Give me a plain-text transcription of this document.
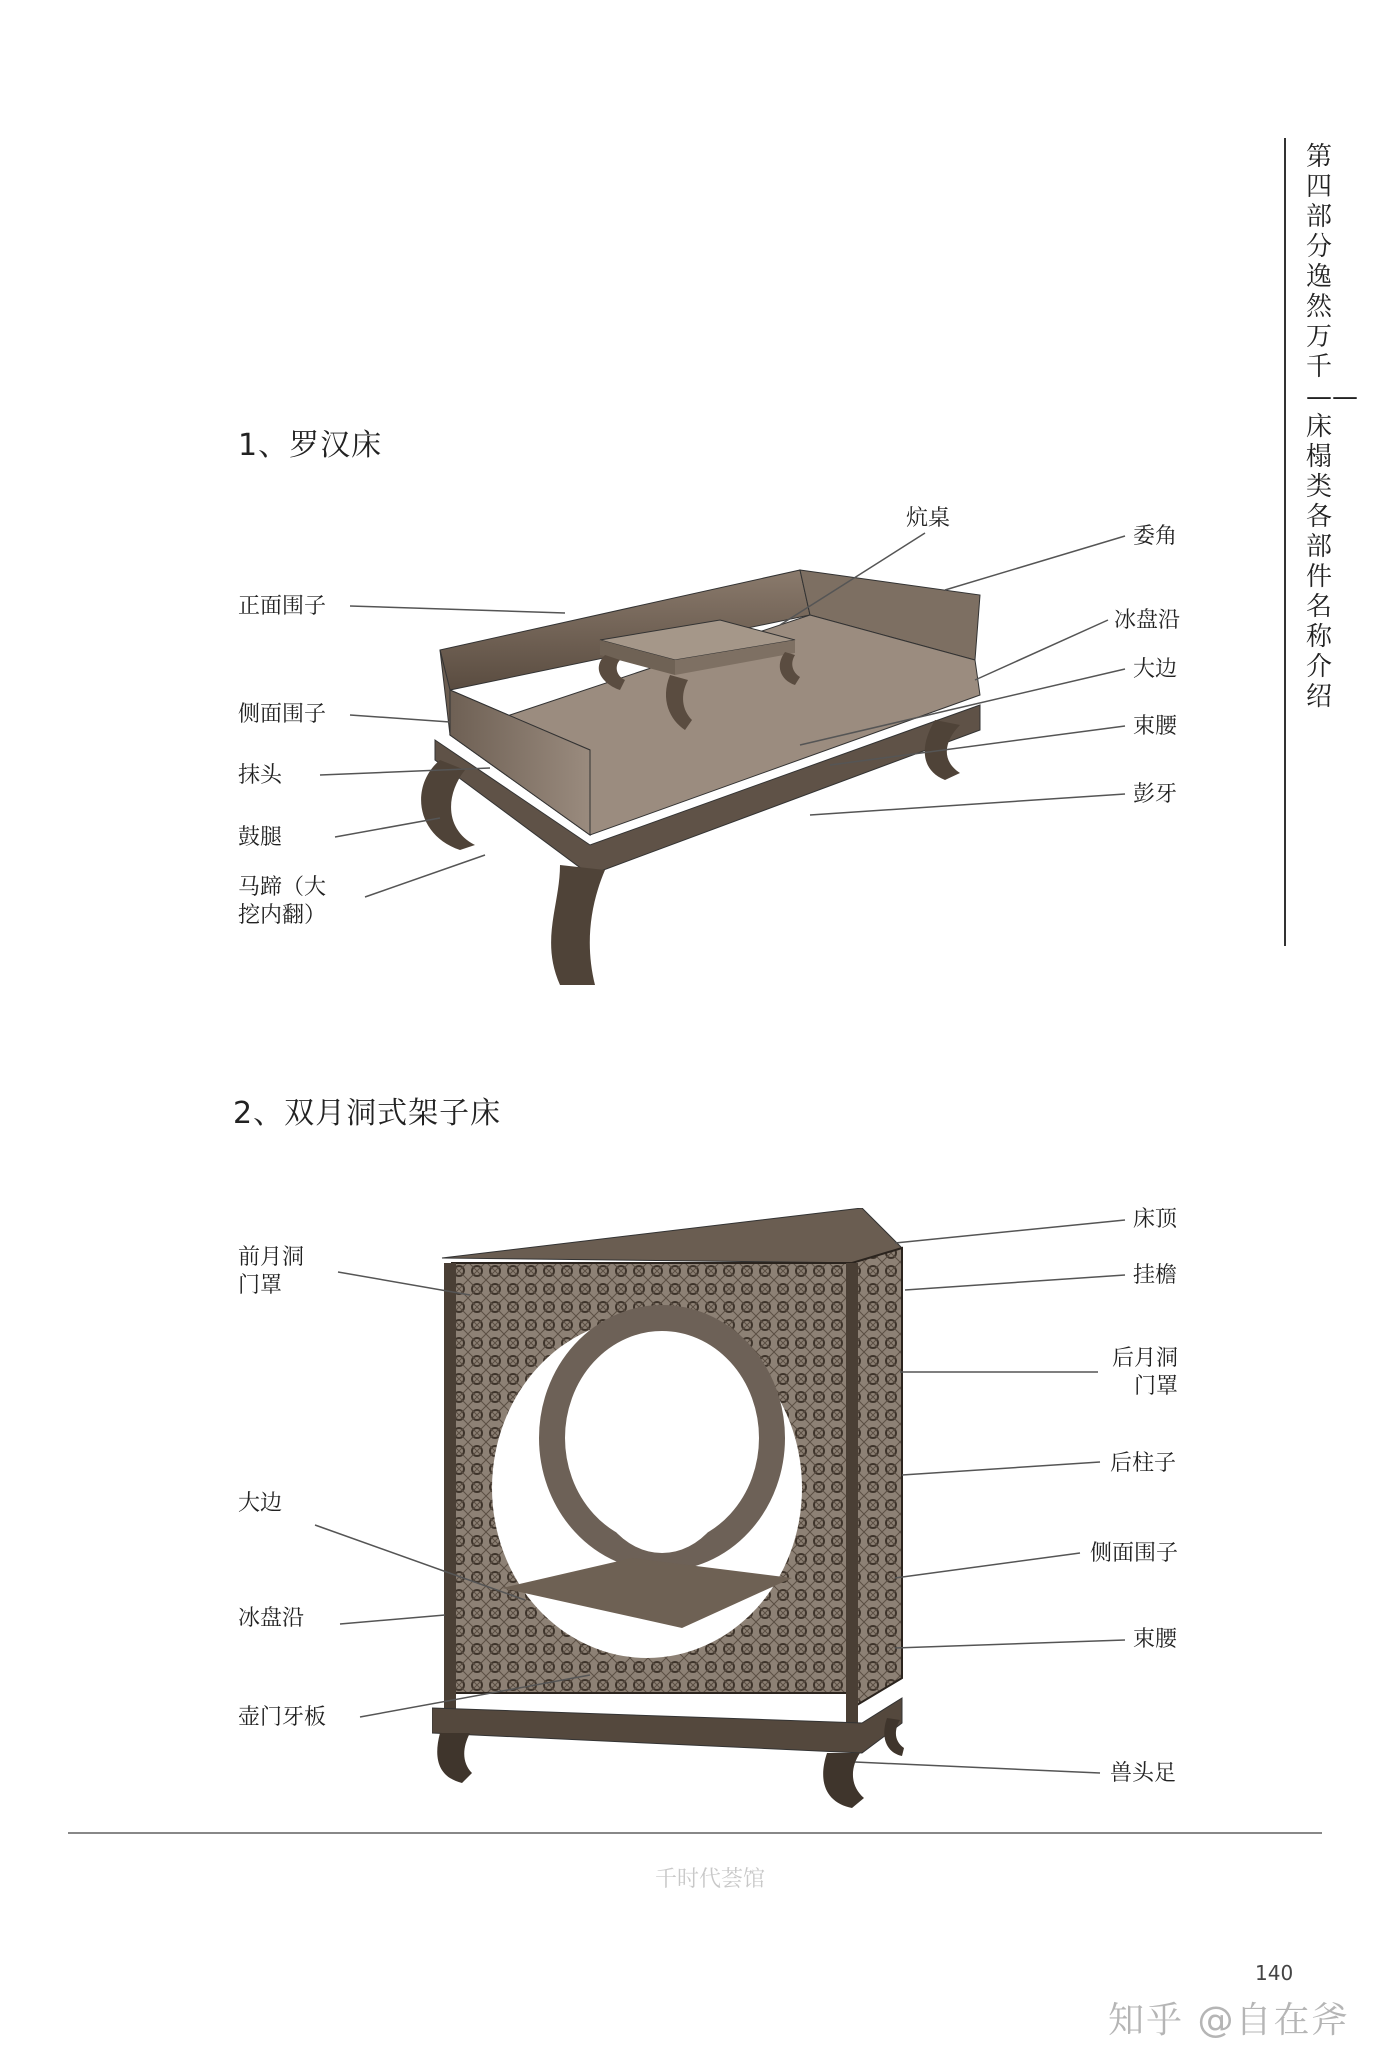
第四部分 逸然万千——床榻类各部件名称介绍
1、罗汉床
正面围子
侧面围子
抹头
鼓腿
马蹄（大挖内翻）
炕桌
委角
冰盘沿
大边
束腰
彭牙
2、双月洞式架子床
前月洞门罩
大边
冰盘沿
壶门牙板
床顶
挂檐
后月洞门罩
后柱子
侧面围子
束腰
兽头足
千时代荟馆
140
知乎 @自在斧
